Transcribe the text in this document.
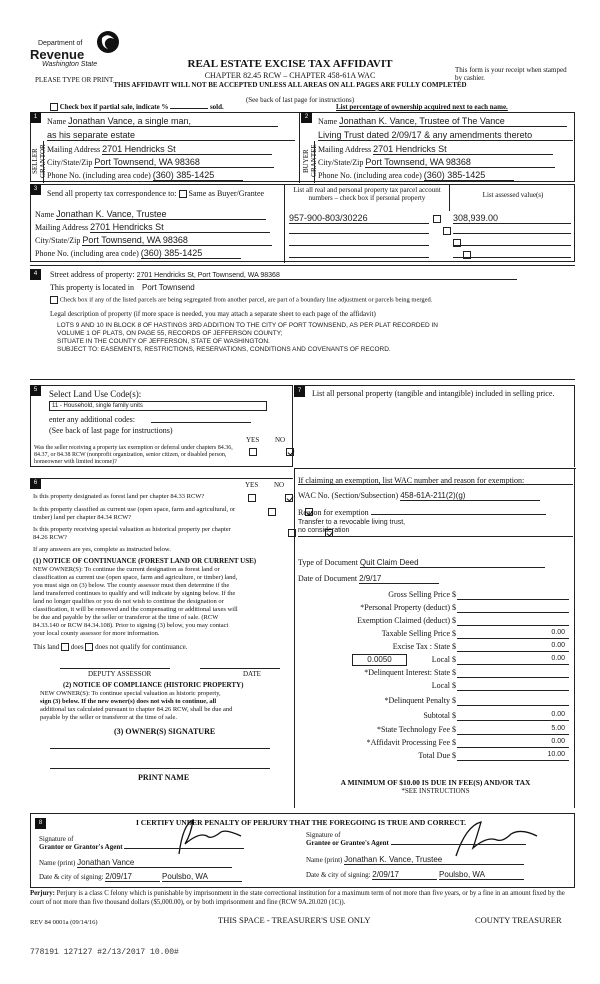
Department of
Revenue
Washington State
PLEASE TYPE OR PRINT
REAL ESTATE EXCISE TAX AFFIDAVIT
CHAPTER 82.45 RCW – CHAPTER 458-61A WAC
THIS AFFIDAVIT WILL NOT BE ACCEPTED UNLESS ALL AREAS ON ALL PAGES ARE FULLY COMPLETED
This form is your receipt when stamped by cashier.
(See back of last page for instructions)
Check box if partial sale, indicate %	sold.	List percentage of ownership acquired next to each name.
1	2
SELLER GRANTOR	BUYER GRANTEE
Name Jonathan Vance, a single man,
as his separate estate
Mailing Address 2701 Hendricks St
City/State/Zip Port Townsend, WA 98368
Phone No. (including area code) (360) 385-1425
Name Jonathan K. Vance, Trustee of The Vance
Living Trust dated 2/09/17 & any amendments thereto
Mailing Address 2701 Hendricks St
City/State/Zip Port Townsend, WA 98368
Phone No. (including area code) (360) 385-1425
3	Send all property tax correspondence to: Same as Buyer/Grantee
Name Jonathan K. Vance, Trustee
Mailing Address 2701 Hendricks St
City/State/Zip Port Townsend, WA 98368
Phone No. (including area code) (360) 385-1425
List all real and personal property tax parcel account numbers – check box if personal property	List assessed value(s)
957-900-803/30226
	308,939.00

4	Street address of property: 2701 Hendricks St, Port Townsend, WA 98368
This property is located in Port Townsend
Check box if any of the listed parcels are being segregated from another parcel, are part of a boundary line adjustment or parcels being merged.
Legal description of property (if more space is needed, you may attach a separate sheet to each page of the affidavit)
LOTS 9 AND 10 IN BLOCK 8 OF HASTINGS 3RD ADDITION TO THE CITY OF PORT TOWNSEND, AS PER PLAT RECORDED IN
VOLUME 1 OF PLATS, ON PAGE 55, RECORDS OF JEFFERSON COUNTY;
SITUATE IN THE COUNTY OF JEFFERSON, STATE OF WASHINGTON.
SUBJECT TO: EASEMENTS, RESTRICTIONS, RESERVATIONS, CONDITIONS AND COVENANTS OF RECORD.
5	Select Land Use Code(s):
11 - Household, single family units
enter any additional codes:
(See back of last page for instructions)
YES NO
Was the seller receiving a property tax exemption or deferral under chapters 84.36, 84.37, or 84.38 RCW (nonprofit organization, senior citizen, or disabled person, homeowner with limited income)?

7	List all personal property (tangible and intangible) included in selling price.
6	YES NO
Is this property designated as forest land per chapter 84.33 RCW?

Is this property classified as current use (open space, farm and agricultural, or timber) land per chapter 84.34 RCW?

Is this property receiving special valuation as historical property per chapter 84.26 RCW?

If any answers are yes, complete as instructed below.
(1) NOTICE OF CONTINUANCE (FOREST LAND OR CURRENT USE)
NEW OWNER(S): To continue the current designation as forest land or
classification as current use (open space, farm and agriculture, or timber) land,
you must sign on (3) below. The county assessor must then determine if the
land transferred continues to qualify and will indicate by signing below. If the
land no longer qualifies or you do not wish to continue the designation or
classification, it will be removed and the compensating or additional taxes will
be due and payable by the seller or transferor at the time of sale. (RCW
84.33.140 or RCW 84.34.108). Prior to signing (3) below, you may contact
your local county assessor for more information.
This land does does not qualify for continuance.
DEPUTY ASSESSOR	DATE
(2) NOTICE OF COMPLIANCE (HISTORIC PROPERTY)
NEW OWNER(S): To continue special valuation as historic property,
sign (3) below. If the new owner(s) does not wish to continue, all
additional tax calculated pursuant to chapter 84.26 RCW, shall be due and
payable by the seller or transferor at the time of sale.
(3) OWNER(S) SIGNATURE
PRINT NAME
If claiming an exemption, list WAC number and reason for exemption:
WAC No. (Section/Subsection) 458-61A-211(2)(g)
Reason for exemption
Transfer to a revocable living trust,
no consideration
Type of Document Quit Claim Deed
Date of Document 2/9/17
Gross Selling Price $
*Personal Property (deduct) $
Exemption Claimed (deduct) $
Taxable Selling Price $	0.00
Excise Tax : State $	0.00
0.0050	Local $	0.00
*Delinquent Interest: State $
Local $
*Delinquent Penalty $
Subtotal $	0.00
*State Technology Fee $	5.00
*Affidavit Processing Fee $	0.00
Total Due $	10.00
A MINIMUM OF $10.00 IS DUE IN FEE(S) AND/OR TAX
*SEE INSTRUCTIONS
8	I CERTIFY UNDER PENALTY OF PERJURY THAT THE FOREGOING IS TRUE AND CORRECT.
Signature of
Grantor or Grantor's Agent
Signature of
Grantee or Grantee's Agent
Name (print) Jonathan Vance	Name (print) Jonathan K. Vance, Trustee
Date & city of signing: 2/09/17	Poulsbo, WA	Date & city of signing: 2/09/17	Poulsbo, WA
Perjury: Perjury is a class C felony which is punishable by imprisonment in the state correctional institution for a maximum term of not more than five years, or by a fine in an amount fixed by the court of not more than five thousand dollars ($5,000.00), or by both imprisonment and fine (RCW 9A.20.020 (1C)).
REV 84 0001a (09/14/16)	THIS SPACE - TREASURER'S USE ONLY	COUNTY TREASURER
778191 127127 #2/13/2017 10.00#
